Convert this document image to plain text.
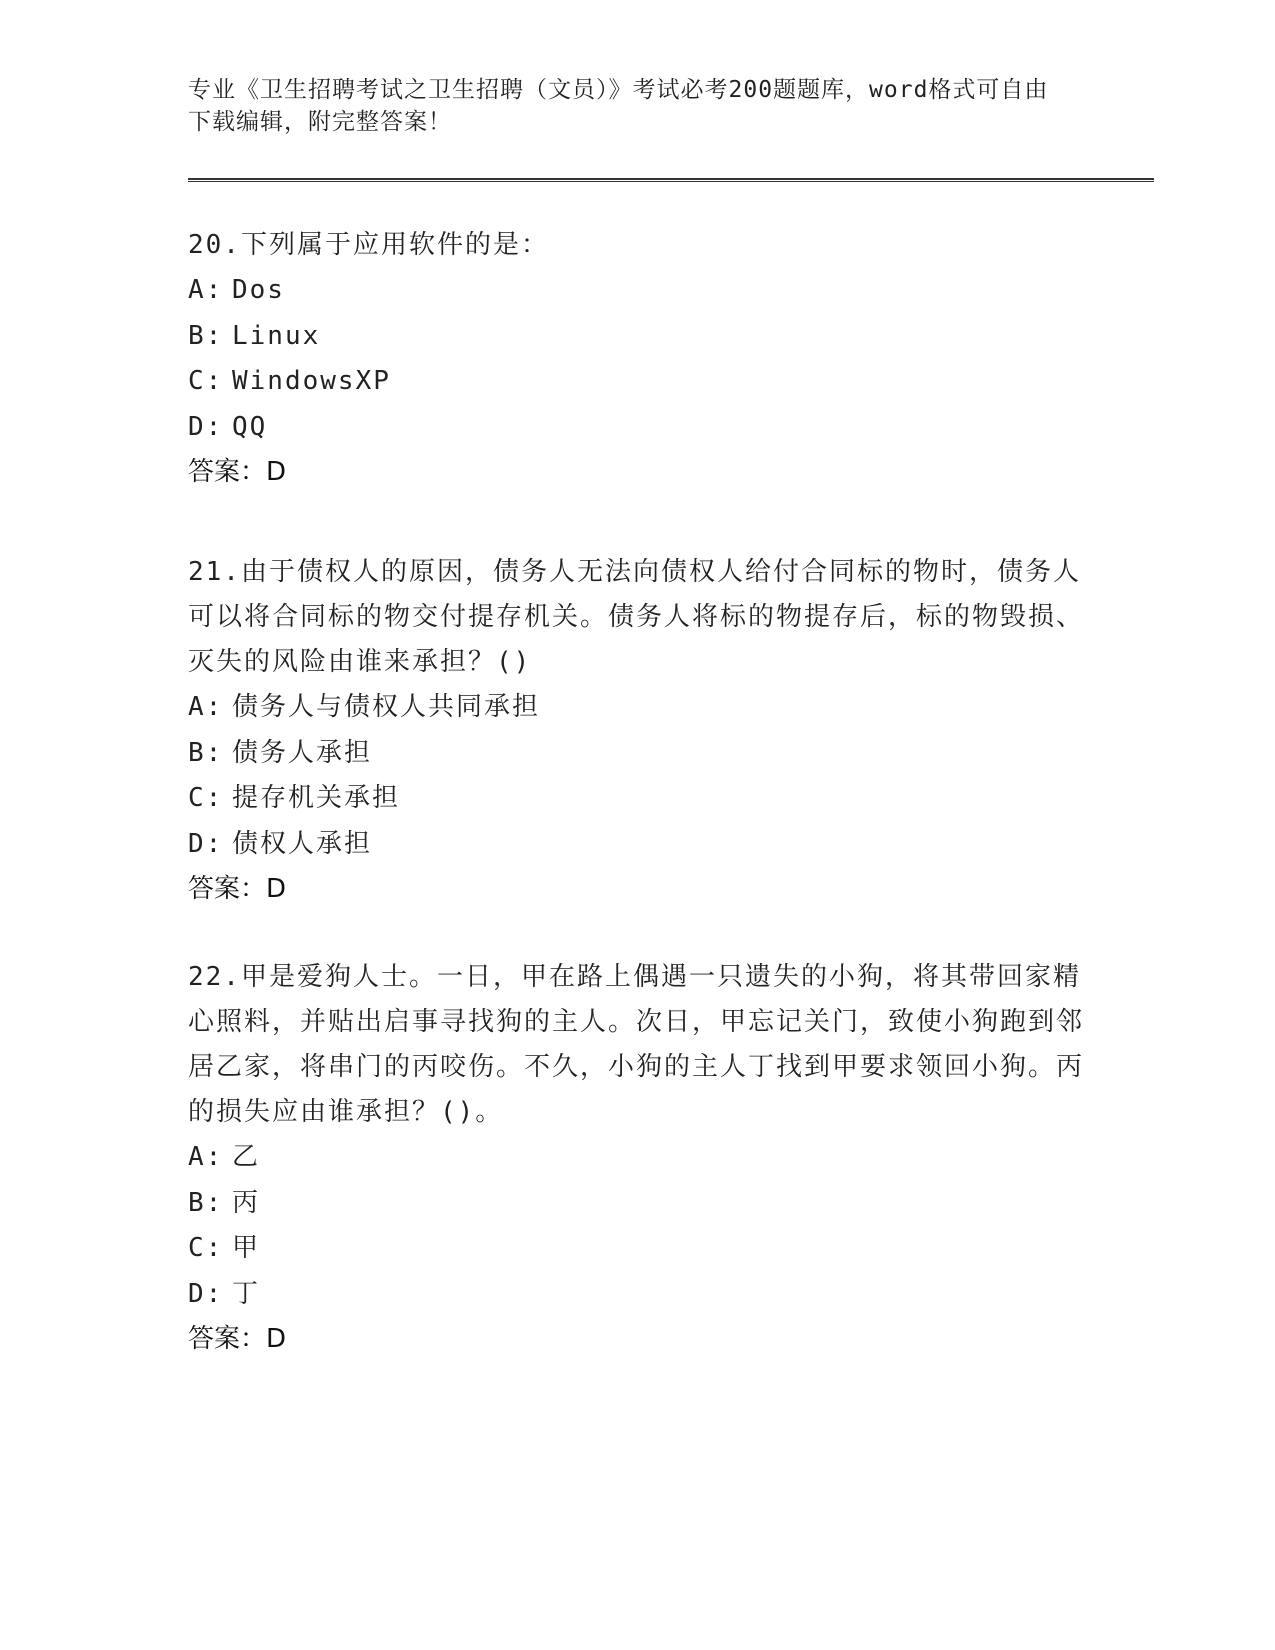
专业《卫生招聘考试之卫生招聘（文员）》考试必考200题题库，word格式可自由下载编辑，附完整答案！

20.下列属于应用软件的是：

A: Dos

B: Linux

C: WindowsXP

D: QQ

答案：D

21.由于债权人的原因，债务人无法向债权人给付合同标的物时，债务人可以将合同标的物交付提存机关。债务人将标的物提存后，标的物毁损、灭失的风险由谁来承担？()

A: 债务人与债权人共同承担

B: 债务人承担

C: 提存机关承担

D: 债权人承担

答案：D

22.甲是爱狗人士。一日，甲在路上偶遇一只遗失的小狗，将其带回家精心照料，并贴出启事寻找狗的主人。次日，甲忘记关门，致使小狗跑到邻居乙家，将串门的丙咬伤。不久，小狗的主人丁找到甲要求领回小狗。丙的损失应由谁承担？()。

A: 乙

B: 丙

C: 甲

D: 丁

答案：D
